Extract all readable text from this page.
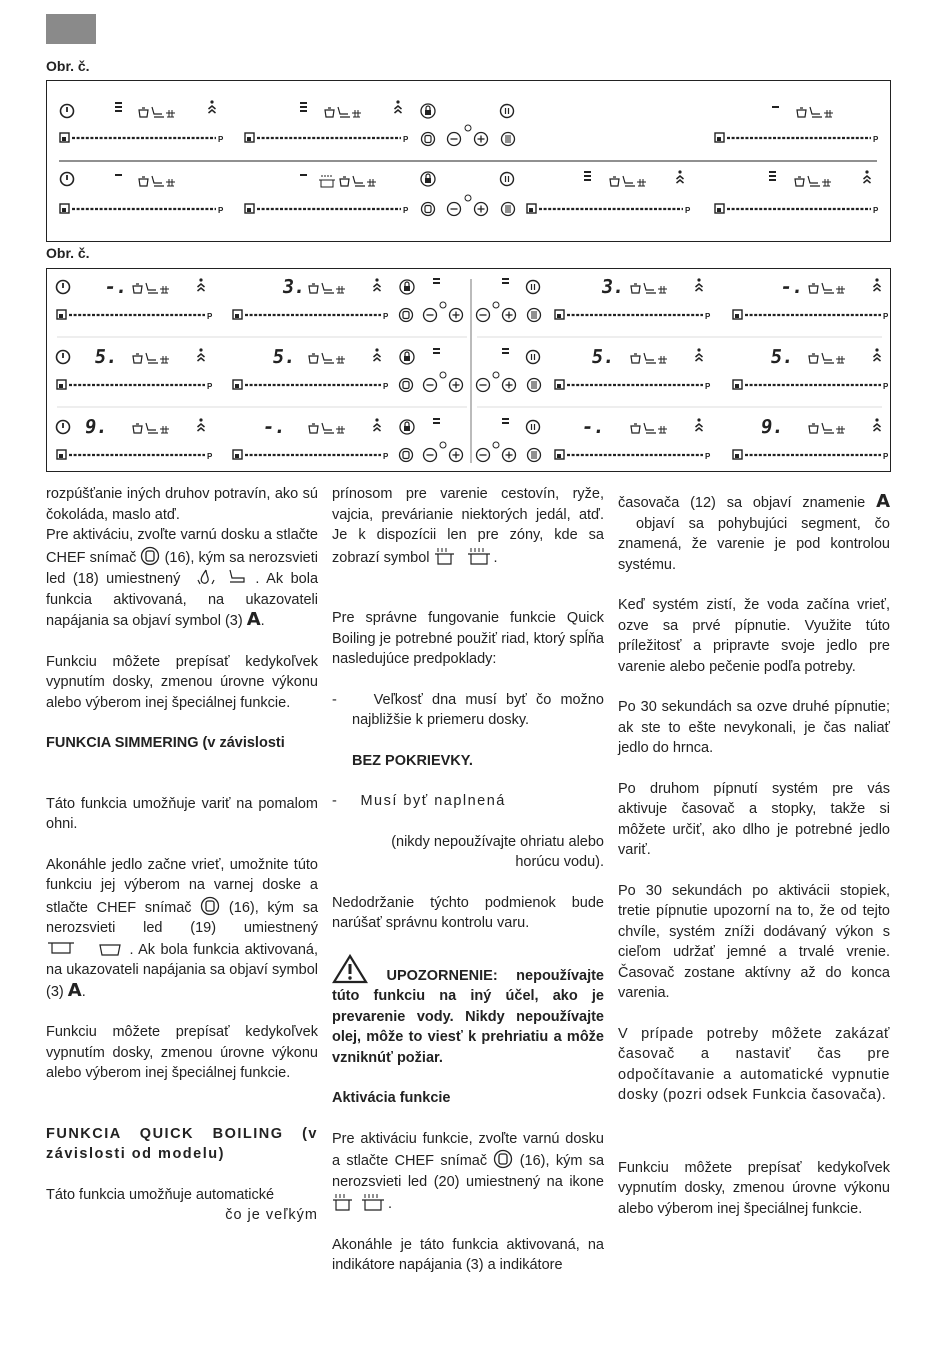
Obr. č.
P	P	P
P	P	P	P
Obr. č.
-.	3.	3.	-.
P	P	P	P
5.	5.	5.	5.
P	P	P	P
9.	-.	-.	9.
P	P	P	P

rozpúšťanie iných druhov potravín, ako sú čokoláda, maslo atď.

Pre aktiváciu, zvoľte varnú dosku a stlačte CHEF snímač (16), kým sa nerozsvieti led (18) umiestnený	. Ak bola funkcia aktivovaná, na ukazovateli napájania sa objaví symbol (3) A.

Funkciu môžete prepísať kedykoľvek vypnutím dosky, zmenou úrovne výkonu alebo výberom inej špeciálnej funkcie.

FUNKCIA SIMMERING (v závislosti

Táto funkcia umožňuje variť na pomalom ohni.

Akonáhle jedlo začne vrieť, umožnite túto funkciu jej výberom na varnej doske a stlačte CHEF snímač	(16), kým sa nerozsvieti led (19) umiestnený  . Ak bola funkcia aktivovaná, na ukazovateli napájania sa objaví symbol (3) A.

Funkciu môžete prepísať kedykoľvek vypnutím dosky, zmenou úrovne výkonu alebo výberom inej špeciálnej funkcie.

FUNKCIA QUICK BOILING (v závislosti od modelu)

Táto funkcia umožňuje automatické

čo je veľkým

prínosom pre varenie cestovín, ryže, vajcia, prevárianie niektorých jedál, atď. Je k dispozícii len pre zóny, kde sa zobrazí symbol	.

Pre správne fungovanie funkcie Quick Boiling je potrebné použiť riad, ktorý spĺňa nasledujúce predpoklady:

-	Veľkosť dna musí byť čo možno najbližšie k priemeru dosky.

BEZ POKRIEVKY.

- Musí byť naplnená

(nikdy nepoužívajte ohriatu alebo horúcu vodu).

Nedodržanie týchto podmienok bude narúšať správnu kontrolu varu.

UPOZORNENIE: nepoužívajte túto funkciu na iný účel, ako je prevarenie vody. Nikdy nepoužívajte olej, môže to viesť k prehriatiu a môže vzniknúť požiar.

Aktivácia funkcie

Pre aktiváciu funkcie, zvoľte varnú dosku a stlačte CHEF snímač (16), kým sa nerozsvieti led (20) umiestnený na ikone .

Akonáhle je táto funkcia aktivovaná, na indikátore napájania (3) a indikátore

časovača (12) sa objaví znamenie A objaví sa pohybujúci segment, čo znamená, že varenie je pod kontrolou systému.

Keď systém zistí, že voda začína vrieť, ozve sa prvé pípnutie. Využite túto príležitosť a pripravte svoje jedlo pre varenie alebo pečenie podľa potreby.

Po 30 sekundách sa ozve druhé pípnutie; ak ste to ešte nevykonali, je čas naliať jedlo do hrnca.

Po druhom pípnutí systém pre vás aktivuje časovač a stopky, takže si môžete určiť, ako dlho je potrebné jedlo variť.

Po 30 sekundách po aktivácii stopiek, tretie pípnutie upozorní na to, že od tejto chvíle, systém zníži dodávaný výkon s cieľom udržať jemné a trvalé vrenie. Časovač zostane aktívny až do konca varenia.

V prípade potreby môžete zakázať časovač a nastaviť čas pre odpočítavanie a automatické vypnutie dosky (pozri odsek Funkcia časovača).

Funkciu môžete prepísať kedykoľvek vypnutím dosky, zmenou úrovne výkonu alebo výberom inej špeciálnej funkcie.
